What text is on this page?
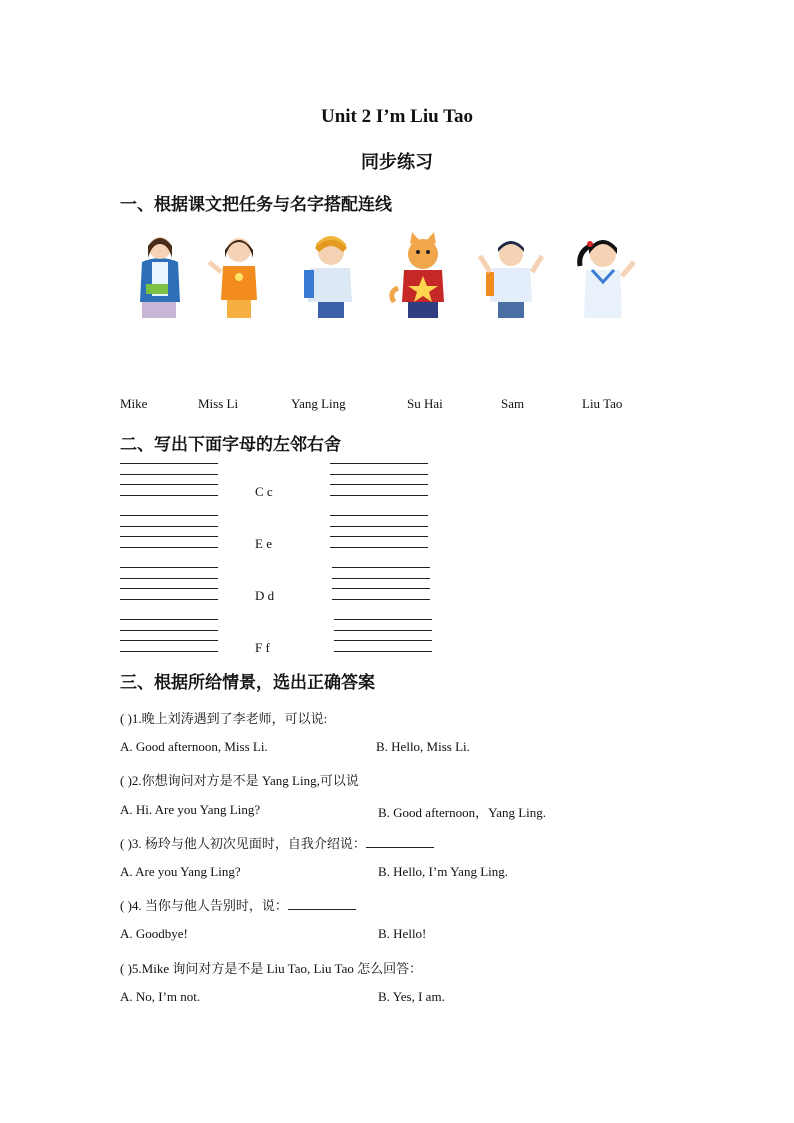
Unit 2 I’m Liu Tao
同步练习
一、根据课文把任务与名字搭配连线
Mike	Miss Li	Yang Ling	Su Hai	Sam	Liu Tao
二、写出下面字母的左邻右舍
C c
E e
D d
F f
三、根据所给情景，选出正确答案
( )1.晚上刘涛遇到了李老师，可以说:
A. Good afternoon, Miss Li.	B. Hello, Miss Li.
( )2.你想询问对方是不是 Yang Ling,可以说
A. Hi. Are you Yang Ling?	B. Good afternoon，Yang Ling.
( )3. 杨玲与他人初次见面时，自我介绍说：
A. Are you Yang Ling?	B. Hello, I’m Yang Ling.
( )4. 当你与他人告别时，说：
A. Goodbye!	B. Hello!
( )5.Mike 询问对方是不是 Liu Tao, Liu Tao 怎么回答：
A. No, I’m not.	B. Yes, I am.
